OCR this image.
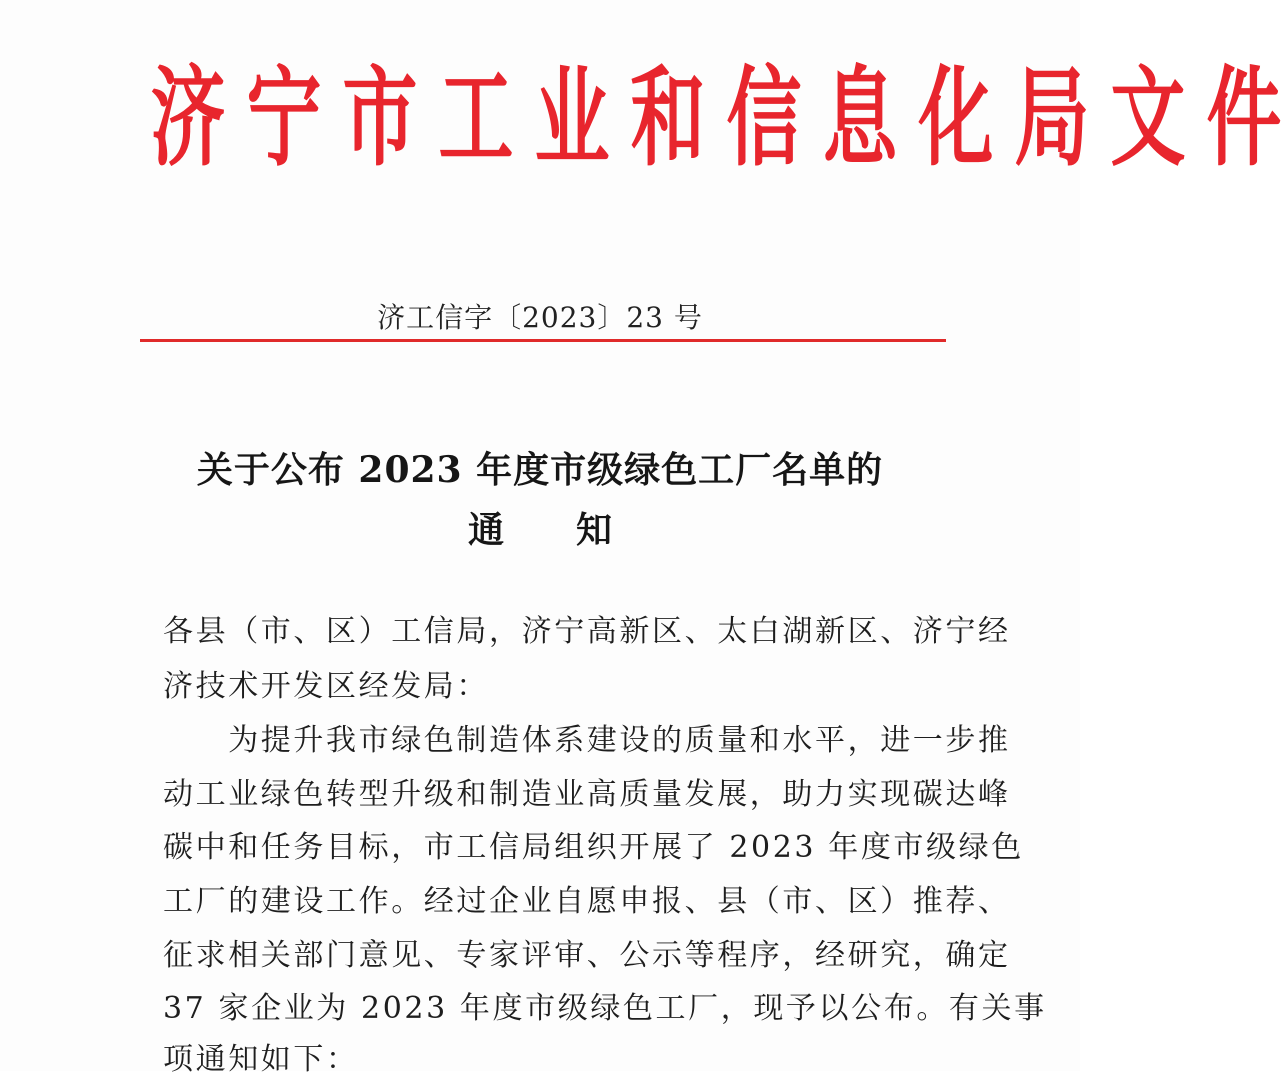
济 宁 市 工 业 和 信 息 化 局 文 件
济工信字〔2023〕23 号
关于公布 2023 年度市级绿色工厂名单的
通 知
各县（市、区）工信局，济宁高新区、太白湖新区、济宁经
济技术开发区经发局：
　　为提升我市绿色制造体系建设的质量和水平，进一步推
动工业绿色转型升级和制造业高质量发展，助力实现碳达峰
碳中和任务目标，市工信局组织开展了 2023 年度市级绿色
工厂的建设工作。经过企业自愿申报、县（市、区）推荐、
征求相关部门意见、专家评审、公示等程序，经研究，确定
37 家企业为 2023 年度市级绿色工厂，现予以公布。有关事
项通知如下：
